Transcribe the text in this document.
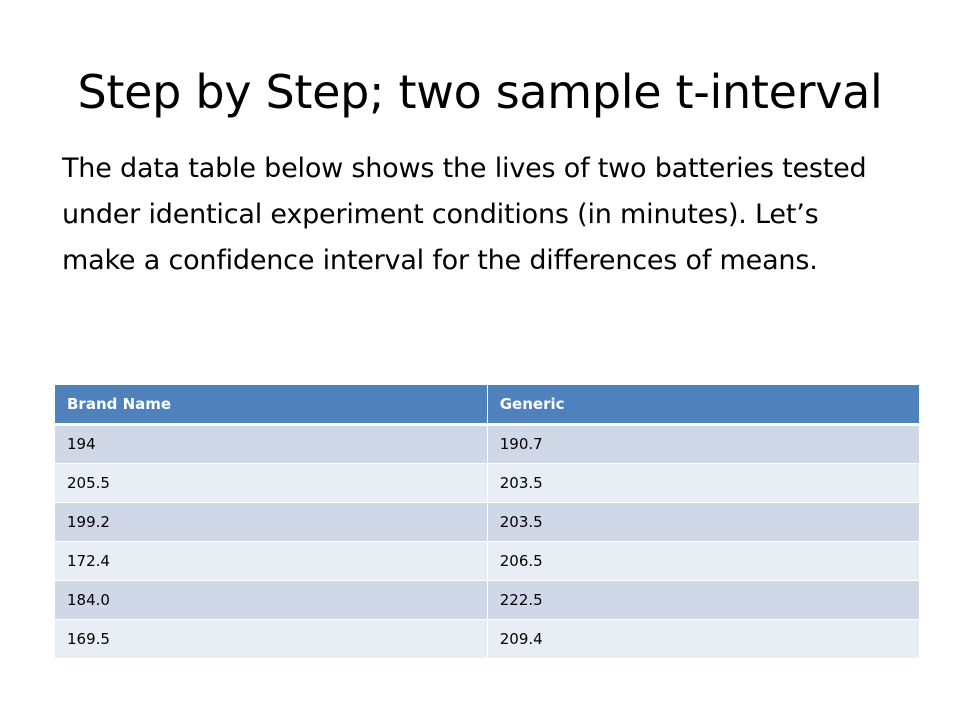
Step by Step; two sample t-interval

The data table below shows the lives of two batteries tested under identical experiment conditions (in minutes). Let’s make a confidence interval for the differences of means.

Brand Name	Generic
194	190.7
205.5	203.5
199.2	203.5
172.4	206.5
184.0	222.5
169.5	209.4
